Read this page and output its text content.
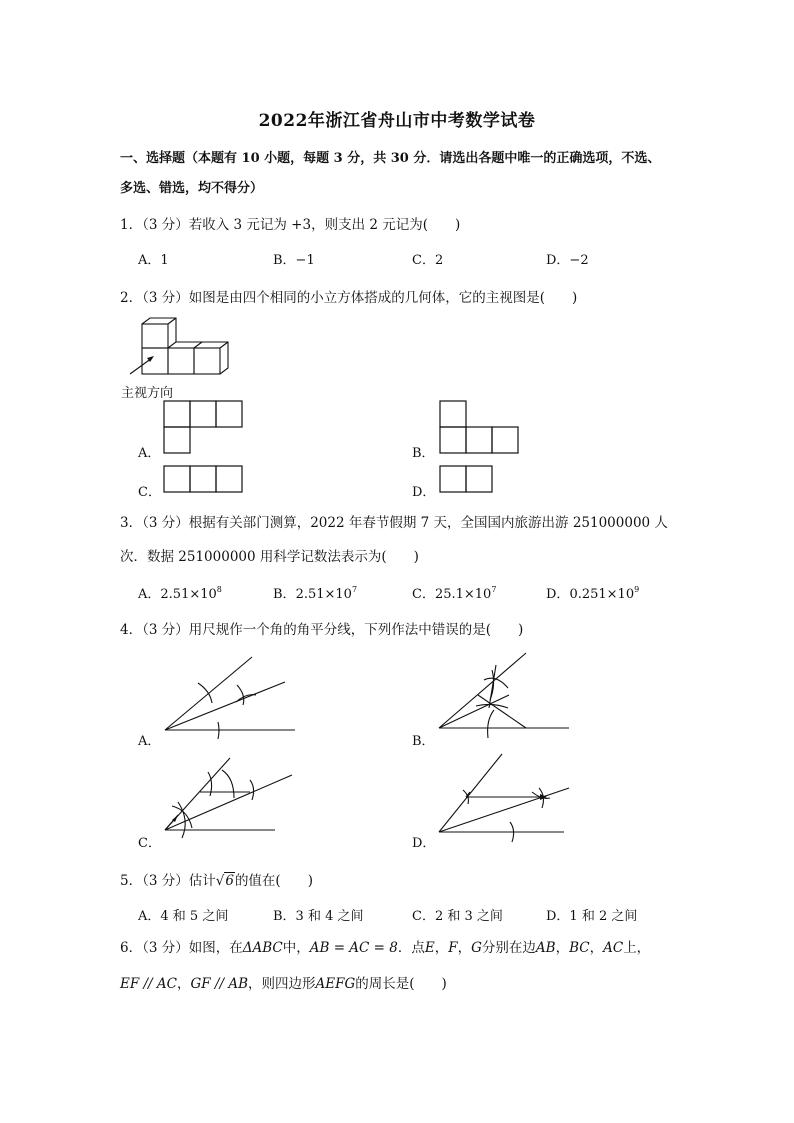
2022年浙江省舟山市中考数学试卷
一、选择题（本题有 10 小题，每题 3 分，共 30 分．请选出各题中唯一的正确选项，不选、
多选、错选，均不得分）
1．（3 分）若收入 3 元记为 +3，则支出 2 元记为(　　)
A．1	B．−1	C．2	D．−2
2．（3 分）如图是由四个相同的小立方体搭成的几何体，它的主视图是(　　)
主视方向
A．	B．
C．	D．
3．（3 分）根据有关部门测算，2022 年春节假期 7 天，全国国内旅游出游 251000000 人
次．数据 251000000 用科学记数法表示为(　　)
A．$2.51\times 10^8$	B．$2.51\times 10^7$	C．$25.1\times 10^7$	D．$0.251\times 10^9$
4．（3 分）用尺规作一个角的角平分线，下列作法中错误的是(　　)
A．	B．
C．	D．
5．（3 分）估计√6的值在(　　)
A．4 和 5 之间	B．3 和 4 之间	C．2 和 3 之间	D．1 和 2 之间
6．（3 分）如图，在ΔABC中，AB = AC = 8．点E，F，G分别在边AB，BC，AC上，
EF // AC，GF // AB，则四边形AEFG的周长是(　　)
